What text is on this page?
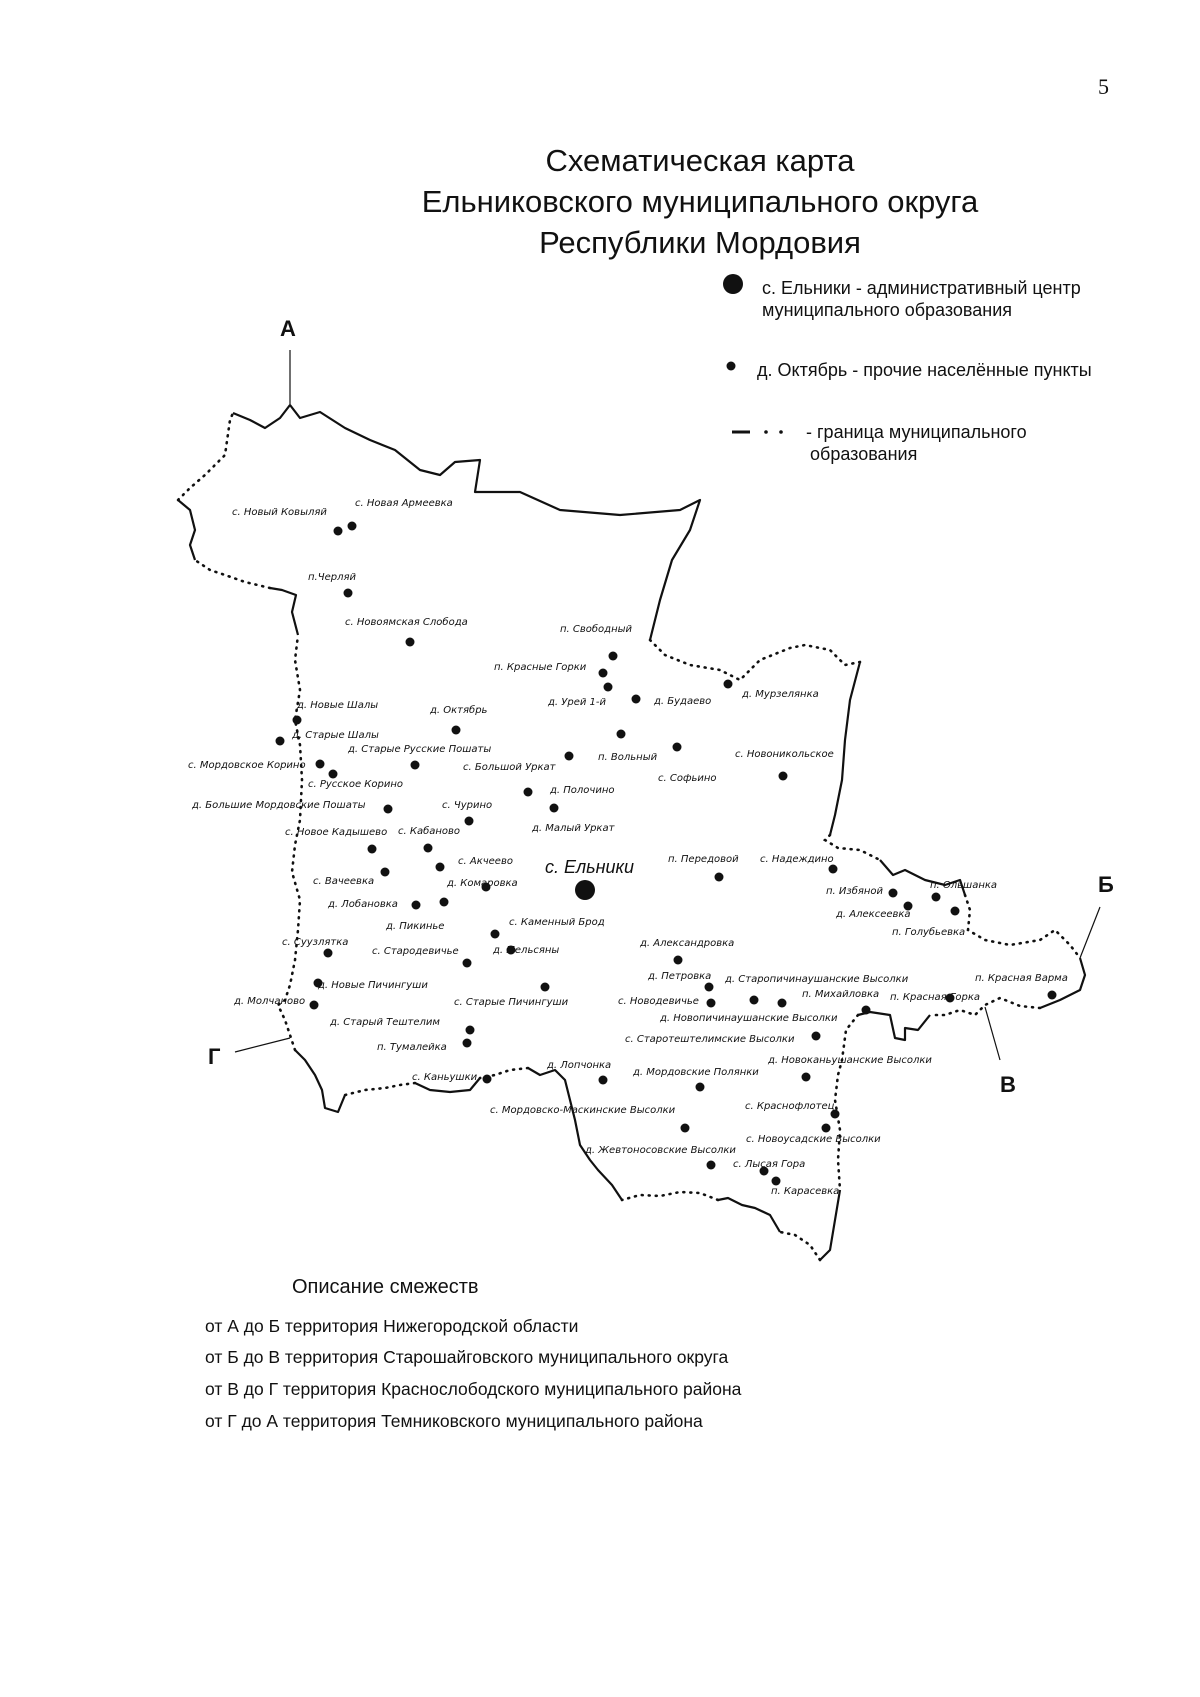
5
Схематическая карта
Ельниковского муниципального округа
Республики Мордовия
с. Ельники - административный центр
муниципального образования
д. Октябрь - прочие населённые пункты
- граница муниципального
образования
А
Б
В
Г
с. Ельники
с. Новый Ковыляй
с. Новая Армеевка
п.Черляй
с. Новоямская Слобода
п. Свободный
п. Красные Горки
д. Урей 1-й	д. Будаево
д. Мурзелянка
д. Новые Шалы	д. Октябрь
д. Старые Шалы
д. Старые Русские Пошаты
п. Вольный	с. Новоникольское
с. Мордовское Корино	с. Большой Уркат
с. Русское Корино
д. Полочино
с. Софьино
д. Большие Мордовские Пошаты	с. Чурино
с. Новое Кадышево с. Кабаново	д. Малый Уркат
с. Акчеево	п. Передовой с. Надеждино
с. Вачеевка	д. Комаровка
п. Избяной
п. Ольшанка
д. Лобановка
д. Алексеевка
д. Пикинье	с. Каменный Брод
п. Голубьевка
с. Суузлятка
с. Стародевичье	д. Мельсяны
д. Александровка
д. Петровка д. Старопичинаушанские Высолки	п. Красная Варма
д. Новые Пичингуши
п. Михайловка п. Красная Горка
д. Молчаново	с. Старые Пичингуши	с. Новодевичье
д. Новопичинаушанские Высолки
д. Старый Тештелим
с. Старотештелимские Высолки
п. Тумалейка
д. Новоканьушанские Высолки
д. Лопчонка
с. Каньушки	д. Мордовские Полянки
с. Мордовско-Маскинские Высолки	с. Краснофлотец
с. Новоусадские Высолки
д. Жевтоносовские Высолки
с. Лысая Гора
п. Карасевка
Описание смежеств
от А до Б территория Нижегородской области
от Б до В территория Старошайговского муниципального округа
от В до Г территория Краснослободского муниципального района
от Г до А территория Темниковского муниципального района
